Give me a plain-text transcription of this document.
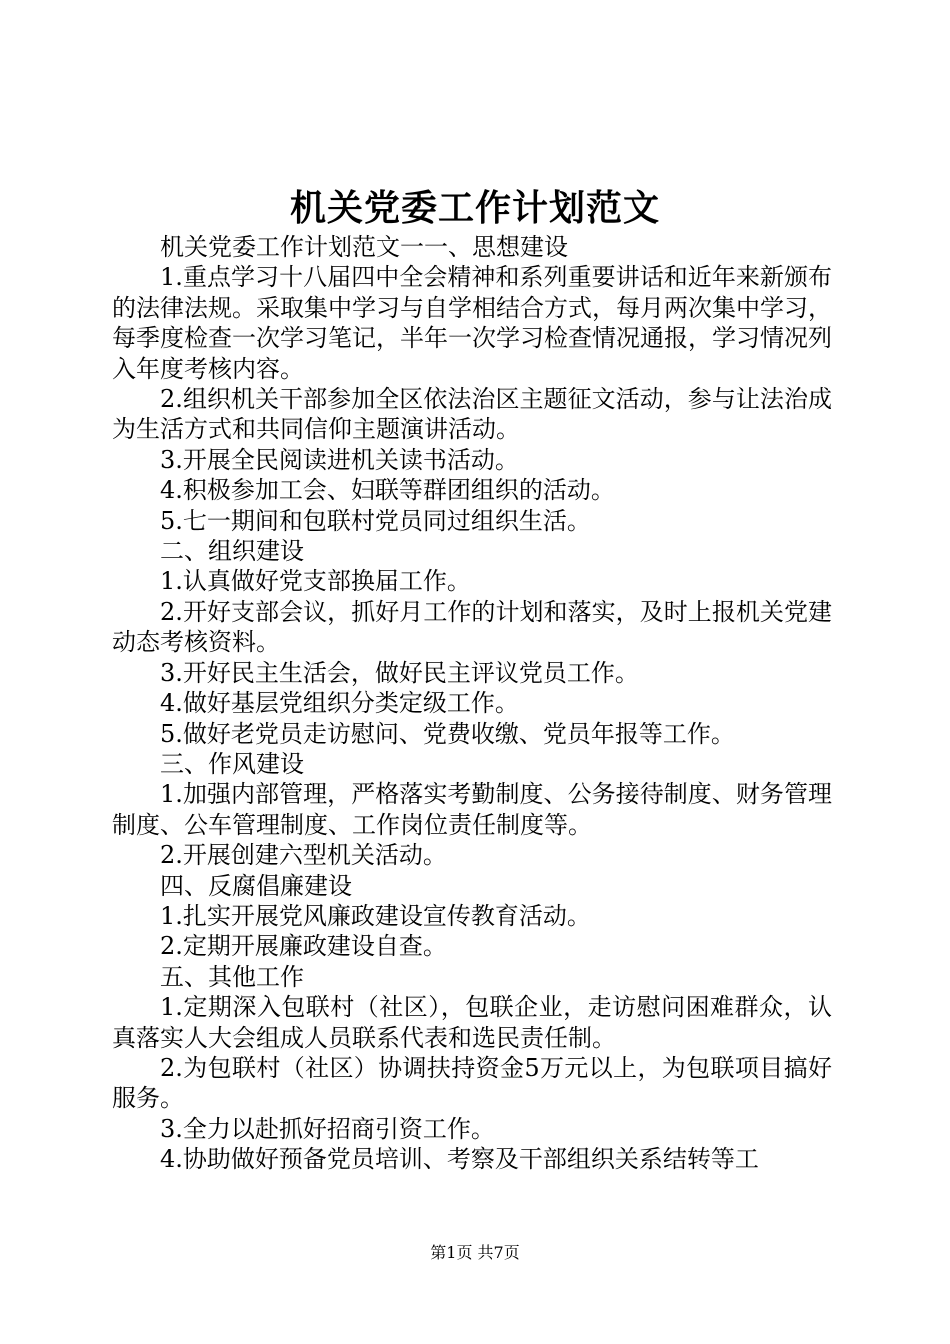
机关党委工作计划范文

机关党委工作计划范文一一、思想建设

1.重点学习十八届四中全会精神和系列重要讲话和近年来新颁布的法律法规。采取集中学习与自学相结合方式，每月两次集中学习，每季度检查一次学习笔记，半年一次学习检查情况通报，学习情况列入年度考核内容。

2.组织机关干部参加全区依法治区主题征文活动，参与让法治成为生活方式和共同信仰主题演讲活动。

3.开展全民阅读进机关读书活动。

4.积极参加工会、妇联等群团组织的活动。

5.七一期间和包联村党员同过组织生活。

二、组织建设

1.认真做好党支部换届工作。

2.开好支部会议，抓好月工作的计划和落实，及时上报机关党建动态考核资料。

3.开好民主生活会，做好民主评议党员工作。

4.做好基层党组织分类定级工作。

5.做好老党员走访慰问、党费收缴、党员年报等工作。

三、作风建设

1.加强内部管理，严格落实考勤制度、公务接待制度、财务管理制度、公车管理制度、工作岗位责任制度等。

2.开展创建六型机关活动。

四、反腐倡廉建设

1.扎实开展党风廉政建设宣传教育活动。

2.定期开展廉政建设自查。

五、其他工作

1.定期深入包联村（社区），包联企业，走访慰问困难群众，认真落实人大会组成人员联系代表和选民责任制。

2.为包联村（社区）协调扶持资金5万元以上，为包联项目搞好服务。

3.全力以赴抓好招商引资工作。

4.协助做好预备党员培训、考察及干部组织关系结转等工

第1页 共7页
